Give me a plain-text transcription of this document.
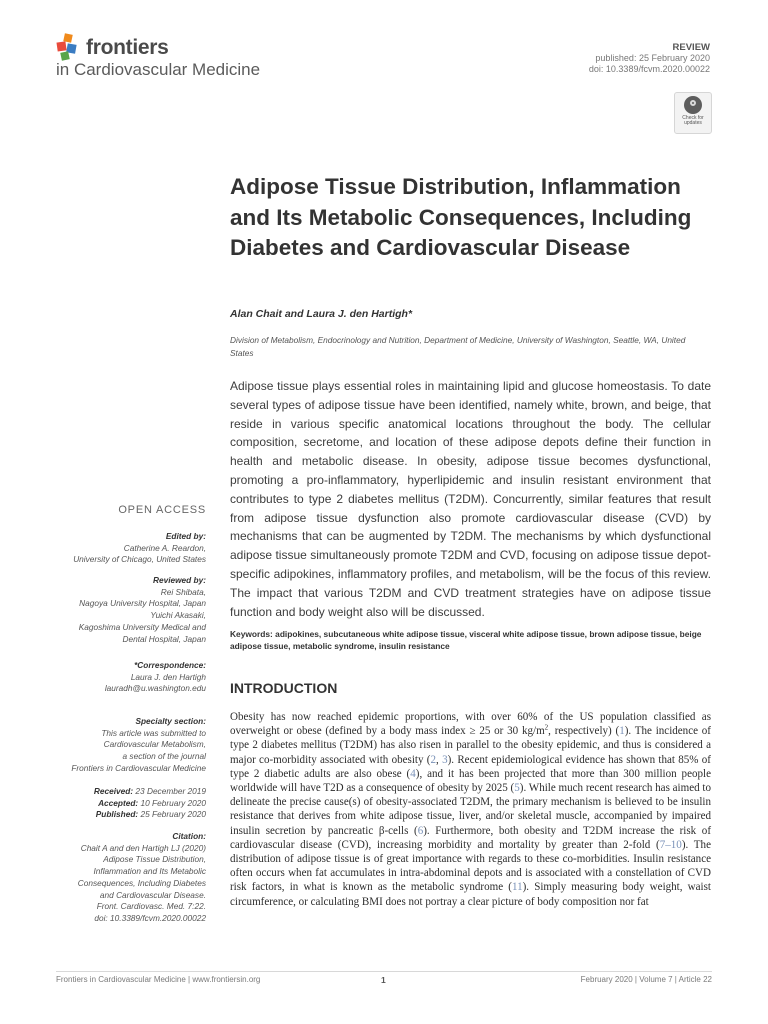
frontiers
in Cardiovascular Medicine
REVIEW
published: 25 February 2020
doi: 10.3389/fcvm.2020.00022
Check for updates
Adipose Tissue Distribution, Inflammation and Its Metabolic Consequences, Including Diabetes and Cardiovascular Disease
Alan Chait and Laura J. den Hartigh*
Division of Metabolism, Endocrinology and Nutrition, Department of Medicine, University of Washington, Seattle, WA, United States
Adipose tissue plays essential roles in maintaining lipid and glucose homeostasis. To date several types of adipose tissue have been identified, namely white, brown, and beige, that reside in various specific anatomical locations throughout the body. The cellular composition, secretome, and location of these adipose depots define their function in health and metabolic disease. In obesity, adipose tissue becomes dysfunctional, promoting a pro-inflammatory, hyperlipidemic and insulin resistant environment that contributes to type 2 diabetes mellitus (T2DM). Concurrently, similar features that result from adipose tissue dysfunction also promote cardiovascular disease (CVD) by mechanisms that can be augmented by T2DM. The mechanisms by which dysfunctional adipose tissue simultaneously promote T2DM and CVD, focusing on adipose tissue depot-specific adipokines, inflammatory profiles, and metabolism, will be the focus of this review. The impact that various T2DM and CVD treatment strategies have on adipose tissue function and body weight also will be discussed.
Keywords: adipokines, subcutaneous white adipose tissue, visceral white adipose tissue, brown adipose tissue, beige adipose tissue, metabolic syndrome, insulin resistance
OPEN ACCESS
Edited by:
Catherine A. Reardon,
University of Chicago, United States
Reviewed by:
Rei Shibata,
Nagoya University Hospital, Japan
Yuichi Akasaki,
Kagoshima University Medical and
Dental Hospital, Japan
*Correspondence:
Laura J. den Hartigh
lauradh@u.washington.edu
Specialty section:
This article was submitted to
Cardiovascular Metabolism,
a section of the journal
Frontiers in Cardiovascular Medicine
Received: 23 December 2019
Accepted: 10 February 2020
Published: 25 February 2020
Citation:
Chait A and den Hartigh LJ (2020)
Adipose Tissue Distribution,
Inflammation and Its Metabolic
Consequences, Including Diabetes
and Cardiovascular Disease.
Front. Cardiovasc. Med. 7:22.
doi: 10.3389/fcvm.2020.00022
INTRODUCTION
Obesity has now reached epidemic proportions, with over 60% of the US population classified as overweight or obese (defined by a body mass index ≥ 25 or 30 $kg/m^2$, respectively) (1). The incidence of type 2 diabetes mellitus (T2DM) has also risen in parallel to the obesity epidemic, and thus is considered a major co-morbidity associated with obesity (2, 3). Recent epidemiological evidence has shown that 85% of type 2 diabetic adults are also obese (4), and it has been projected that more than 300 million people worldwide will have T2D as a consequence of obesity by 2025 (5). While much recent research has aimed to delineate the precise cause(s) of obesity-associated T2DM, the primary mechanism is believed to be insulin resistance that derives from white adipose tissue, liver, and/or skeletal muscle, accompanied by impaired insulin secretion by pancreatic β-cells (6). Furthermore, both obesity and T2DM increase the risk of cardiovascular disease (CVD), increasing morbidity and mortality by greater than 2-fold (7–10). The distribution of adipose tissue is of great importance with regards to these co-morbidities. Insulin resistance often occurs when fat accumulates in intra-abdominal depots and is associated with a constellation of CVD risk factors, in what is known as the metabolic syndrome (11). Simply measuring body weight, waist circumference, or calculating BMI does not portray a clear picture of body composition nor fat
Frontiers in Cardiovascular Medicine | www.frontiersin.org	1	February 2020 | Volume 7 | Article 22
